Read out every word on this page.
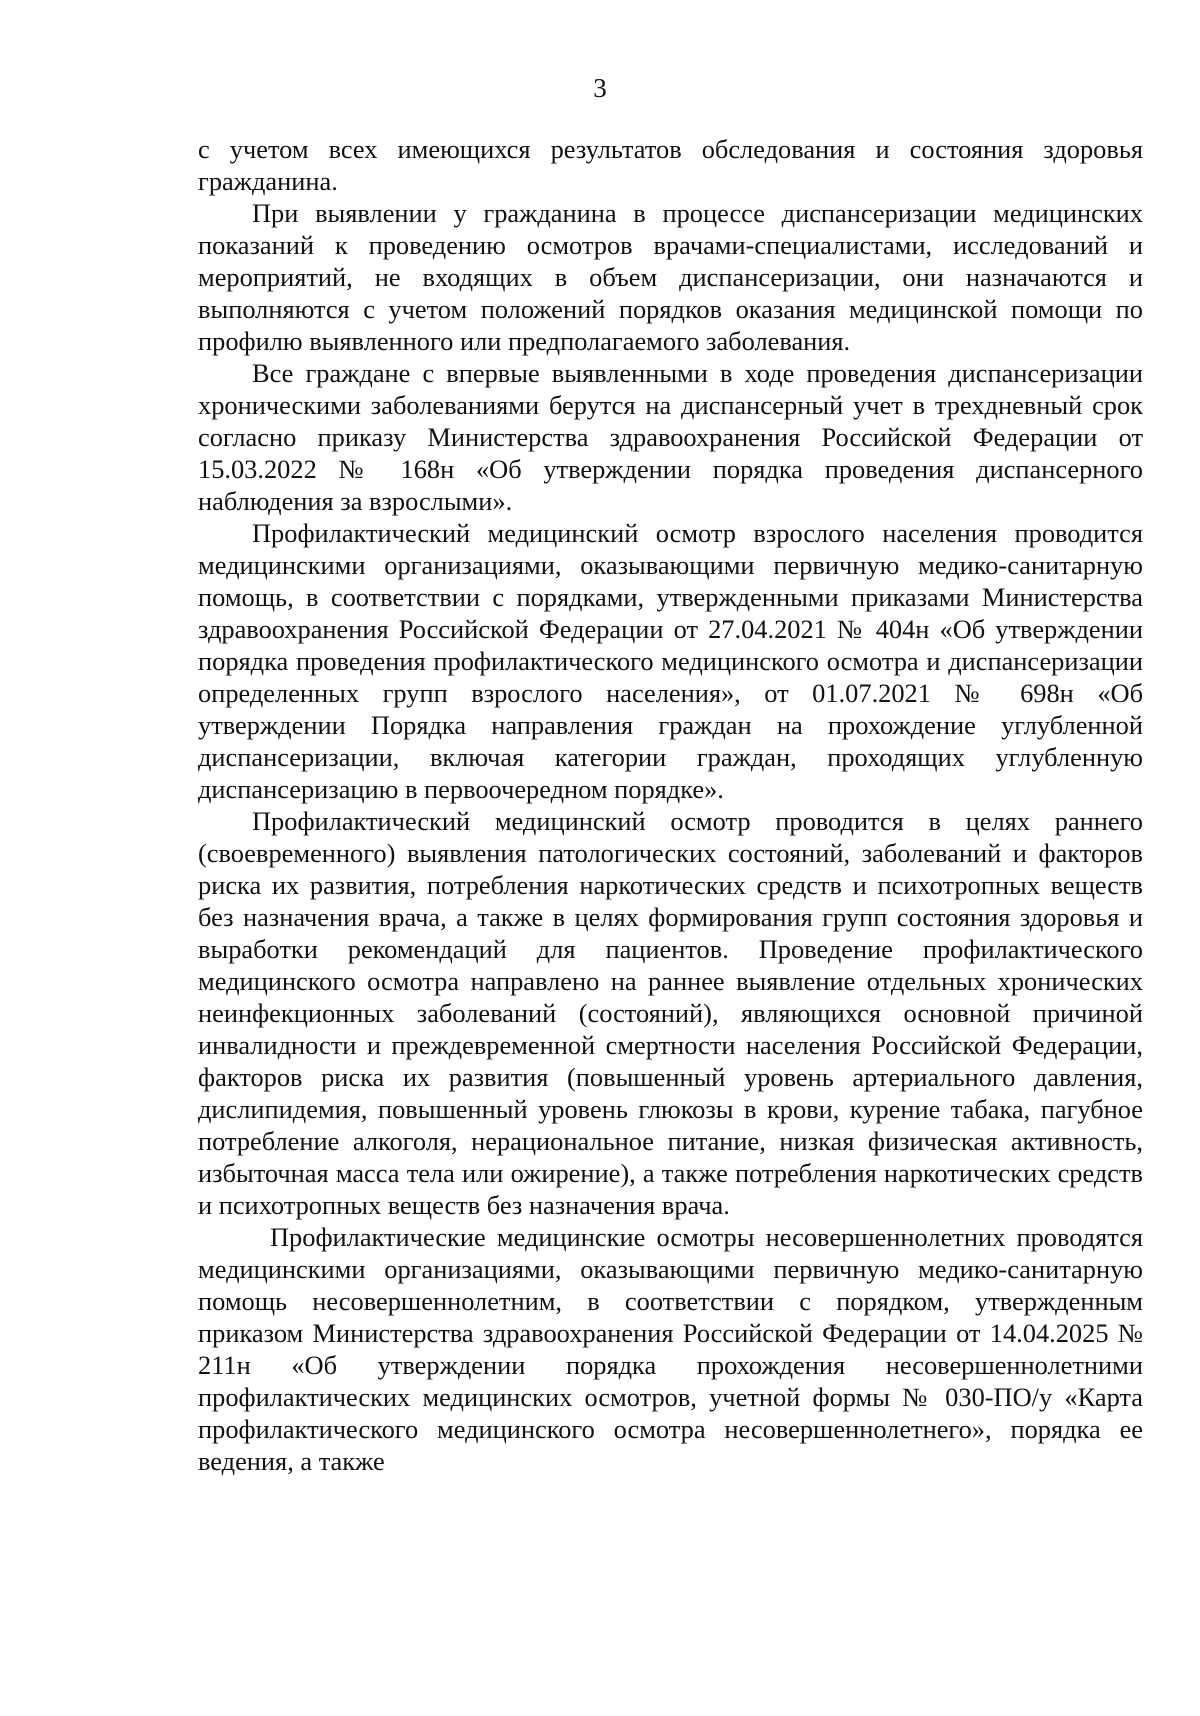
3

с учетом всех имеющихся результатов обследования и состояния здоровья гражданина.

При выявлении у гражданина в процессе диспансеризации медицинских показаний к проведению осмотров врачами-специалистами, исследований и мероприятий, не входящих в объем диспансеризации, они назначаются и выполняются с учетом положений порядков оказания медицинской помощи по профилю выявленного или предполагаемого заболевания.

Все граждане с впервые выявленными в ходе проведения диспансеризации хроническими заболеваниями берутся на диспансерный учет в трехдневный срок согласно приказу Министерства здравоохранения Российской Федерации от 15.03.2022 № 168н «Об утверждении порядка проведения диспансерного наблюдения за взрослыми».

Профилактический медицинский осмотр взрослого населения проводится медицинскими организациями, оказывающими первичную медико-санитарную помощь, в соответствии с порядками, утвержденными приказами Министерства здравоохранения Российской Федерации от 27.04.2021 № 404н «Об утверждении порядка проведения профилактического медицинского осмотра и диспансеризации определенных групп взрослого населения», от 01.07.2021 № 698н «Об утверждении Порядка направления граждан на прохождение углубленной диспансеризации, включая категории граждан, проходящих углубленную диспансеризацию в первоочередном порядке».

Профилактический медицинский осмотр проводится в целях раннего (своевременного) выявления патологических состояний, заболеваний и факторов риска их развития, потребления наркотических средств и психотропных веществ без назначения врача, а также в целях формирования групп состояния здоровья и выработки рекомендаций для пациентов. Проведение профилактического медицинского осмотра направлено на раннее выявление отдельных хронических неинфекционных заболеваний (состояний), являющихся основной причиной инвалидности и преждевременной смертности населения Российской Федерации, факторов риска их развития (повышенный уровень артериального давления, дислипидемия, повышенный уровень глюкозы в крови, курение табака, пагубное потребление алкоголя, нерациональное питание, низкая физическая активность, избыточная масса тела или ожирение), а также потребления наркотических средств и психотропных веществ без назначения врача.

Профилактические медицинские осмотры несовершеннолетних проводятся медицинскими организациями, оказывающими первичную медико-санитарную помощь несовершеннолетним, в соответствии с порядком, утвержденным приказом Министерства здравоохранения Российской Федерации от 14.04.2025 № 211н «Об утверждении порядка прохождения несовершеннолетними профилактических медицинских осмотров, учетной формы № 030-ПО/у «Карта профилактического медицинского осмотра несовершеннолетнего», порядка ее ведения, а также
